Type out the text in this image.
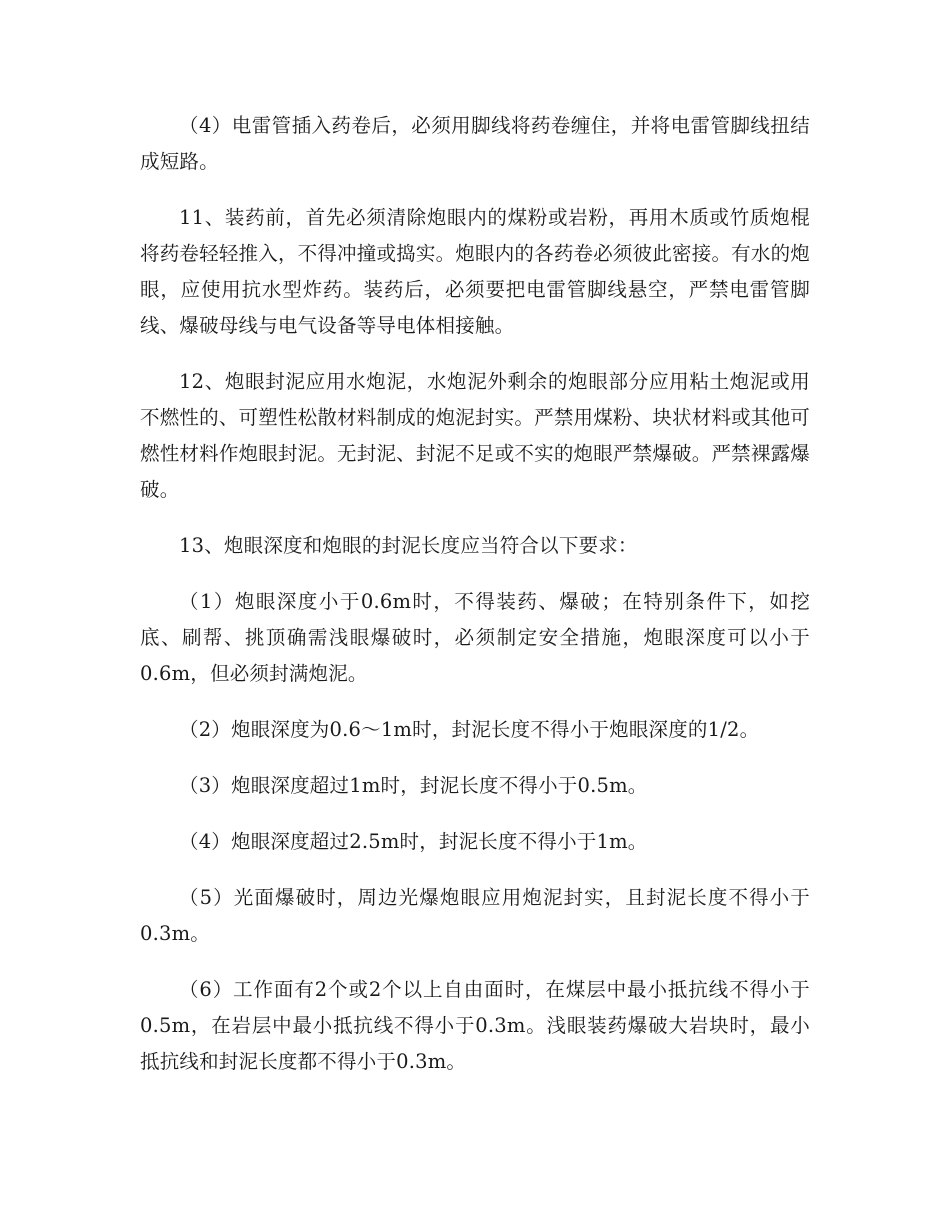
（4）电雷管插入药卷后，必须用脚线将药卷缠住，并将电雷管脚线扭结成短路。

11、装药前，首先必须清除炮眼内的煤粉或岩粉，再用木质或竹质炮棍将药卷轻轻推入，不得冲撞或捣实。炮眼内的各药卷必须彼此密接。有水的炮眼，应使用抗水型炸药。装药后，必须要把电雷管脚线悬空，严禁电雷管脚线、爆破母线与电气设备等导电体相接触。

12、炮眼封泥应用水炮泥，水炮泥外剩余的炮眼部分应用粘土炮泥或用不燃性的、可塑性松散材料制成的炮泥封实。严禁用煤粉、块状材料或其他可燃性材料作炮眼封泥。无封泥、封泥不足或不实的炮眼严禁爆破。严禁裸露爆破。

13、炮眼深度和炮眼的封泥长度应当符合以下要求：

（1）炮眼深度小于0.6m时，不得装药、爆破；在特别条件下，如挖底、刷帮、挑顶确需浅眼爆破时，必须制定安全措施，炮眼深度可以小于0.6m，但必须封满炮泥。

（2）炮眼深度为0.6～1m时，封泥长度不得小于炮眼深度的1/2。

（3）炮眼深度超过1m时，封泥长度不得小于0.5m。

（4）炮眼深度超过2.5m时，封泥长度不得小于1m。

（5）光面爆破时，周边光爆炮眼应用炮泥封实，且封泥长度不得小于0.3m。

（6）工作面有2个或2个以上自由面时，在煤层中最小抵抗线不得小于0.5m，在岩层中最小抵抗线不得小于0.3m。浅眼装药爆破大岩块时，最小抵抗线和封泥长度都不得小于0.3m。
